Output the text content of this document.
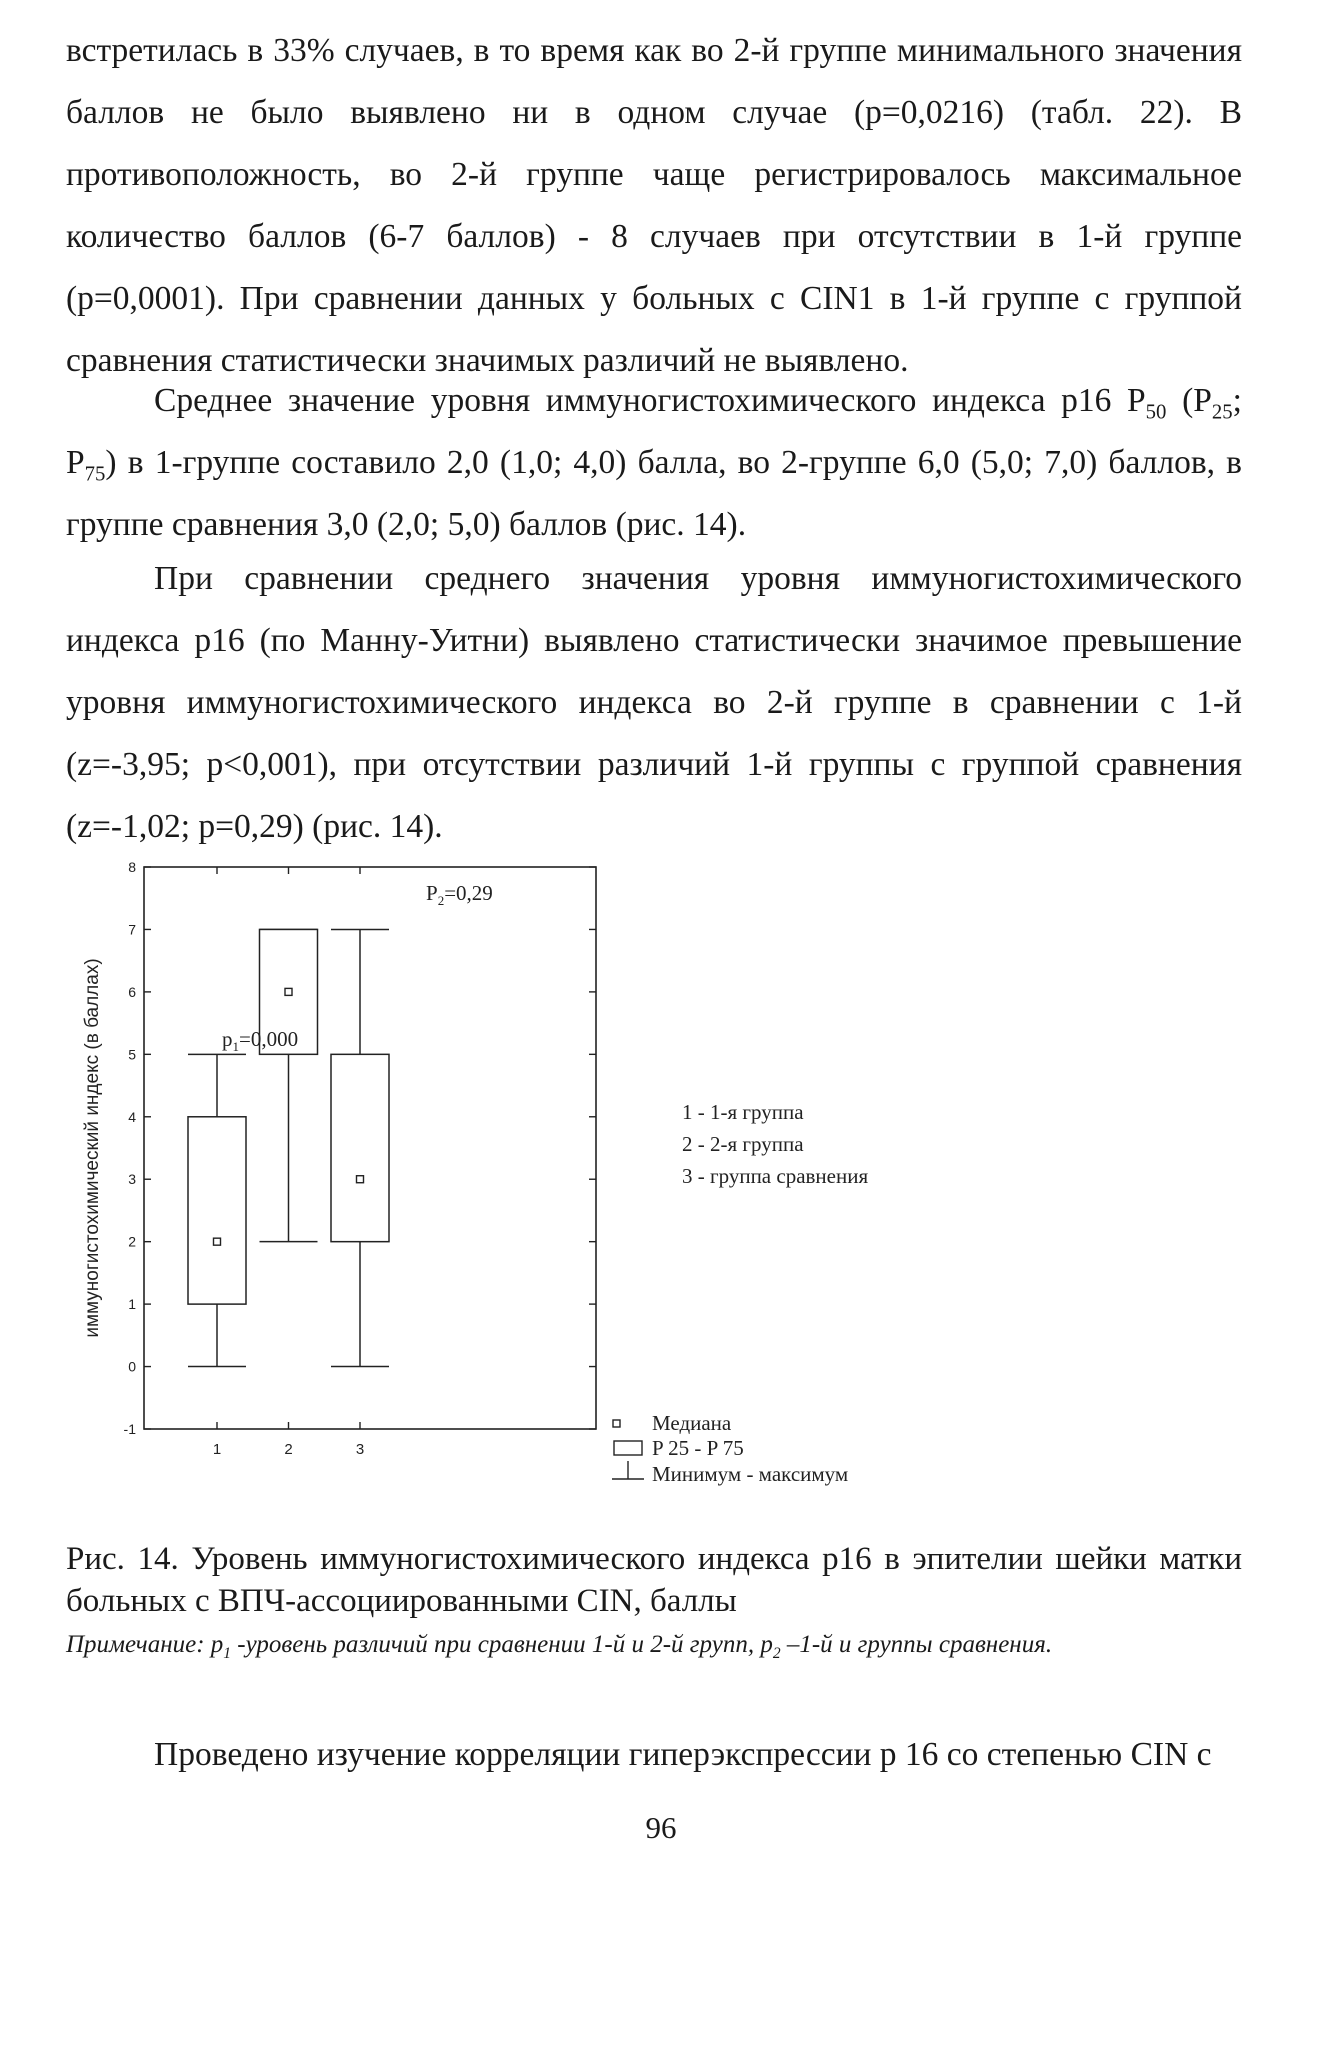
встретилась в 33% случаев, в то время как во 2-й группе минимального значения баллов не было выявлено ни в одном случае (p=0,0216) (табл. 22). В противоположность, во 2-й группе чаще регистрировалось максимальное количество баллов (6-7 баллов) - 8 случаев при отсутствии в 1-й группе (p=0,0001). При сравнении данных у больных с CIN1 в 1-й группе с группой сравнения статистически значимых различий не выявлено.

Среднее значение уровня иммуногистохимического индекса p16 $P_{50}$ ($P_{25}$; $P_{75}$) в 1-группе составило 2,0 (1,0; 4,0) балла, во 2-группе 6,0 (5,0; 7,0) баллов, в группе сравнения 3,0 (2,0; 5,0) баллов (рис. 14).

При сравнении среднего значения уровня иммуногистохимического индекса p16 (по Манну-Уитни) выявлено статистически значимое превышение уровня иммуногистохимического индекса во 2-й группе в сравнении с 1-й (z=-3,95; p<0,001), при отсутствии различий 1-й группы с группой сравнения (z=-1,02; p=0,29) (рис. 14).

иммуногистохимический индекс (в баллах)
-1
0
1
2
3
4
5
6
7
8
1	2	3
$p_1=0,000$
$P_2=0,29$
1 - 1-я группа
2 - 2-я группа
3 - группа сравнения
Медиана
P 25 - P 75
Минимум - максимум

Рис. 14. Уровень иммуногистохимического индекса p16 в эпителии шейки матки больных с ВПЧ-ассоциированными CIN, баллы

Примечание: $p_1$ -уровень различий при сравнении 1-й и 2-й групп, $p_2$ –1-й и группы сравнения.

Проведено изучение корреляции гиперэкспрессии р 16 со степенью CIN с

96
